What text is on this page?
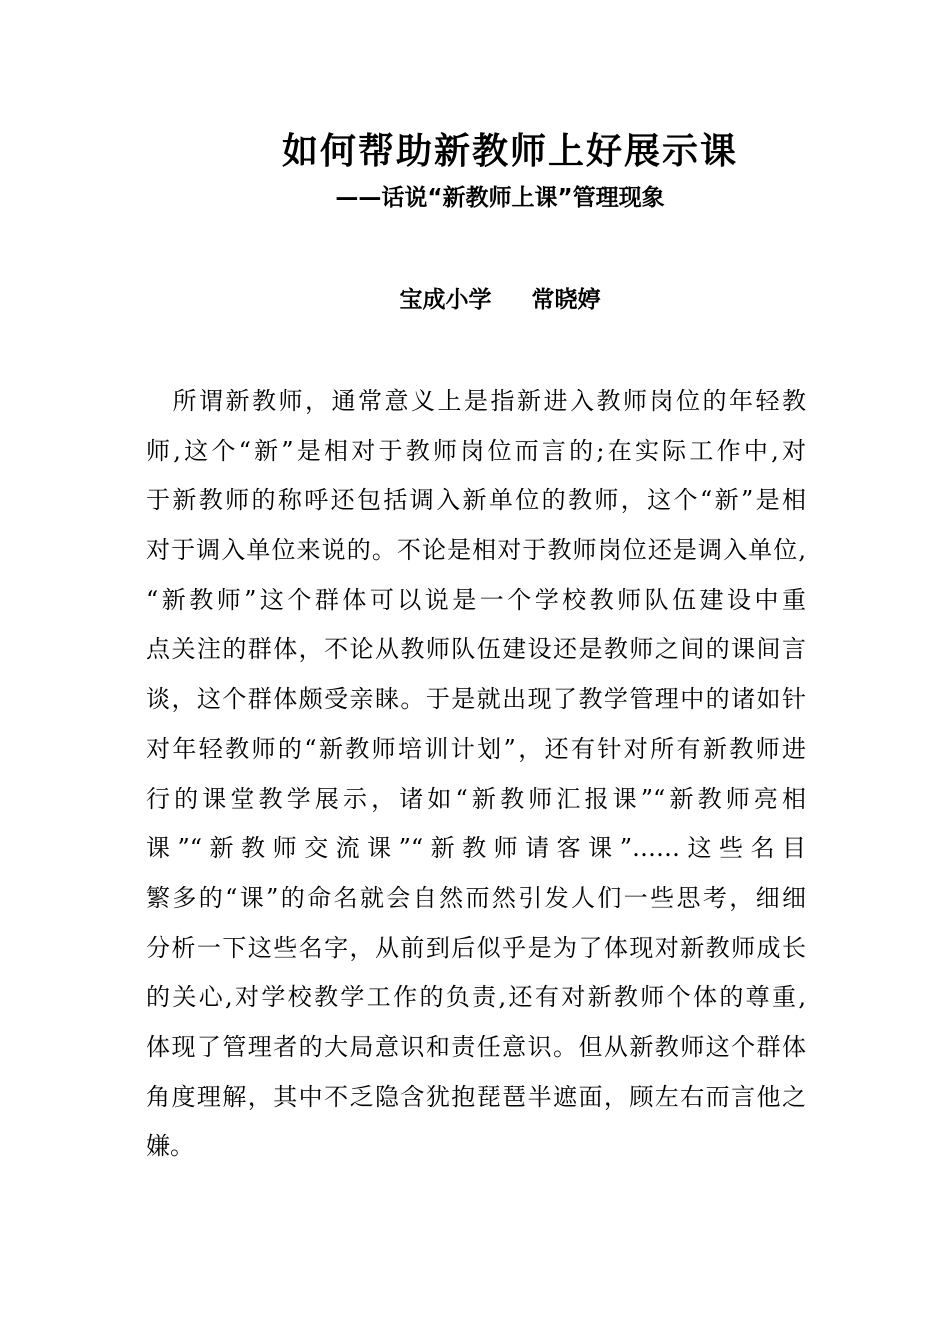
如何帮助新教师上好展示课
——话说“新教师上课”管理现象
宝成小学 常晓婷
　所谓新教师，通常意义上是指新进入教师岗位的年轻教
师,这个“新”是相对于教师岗位而言的;在实际工作中,对
于新教师的称呼还包括调入新单位的教师，这个“新”是相
对于调入单位来说的。不论是相对于教师岗位还是调入单位,
“新教师”这个群体可以说是一个学校教师队伍建设中重
点关注的群体，不论从教师队伍建设还是教师之间的课间言
谈，这个群体颇受亲睐。于是就出现了教学管理中的诸如针
对年轻教师的“新教师培训计划”，还有针对所有新教师进
行的课堂教学展示，诸如“新教师汇报课”“新教师亮相
课”“新教师交流课”“新教师请客课”……这些名目
繁多的“课”的命名就会自然而然引发人们一些思考，细细
分析一下这些名字，从前到后似乎是为了体现对新教师成长
的关心,对学校教学工作的负责,还有对新教师个体的尊重,
体现了管理者的大局意识和责任意识。但从新教师这个群体
角度理解，其中不乏隐含犹抱琵琶半遮面，顾左右而言他之
嫌。
